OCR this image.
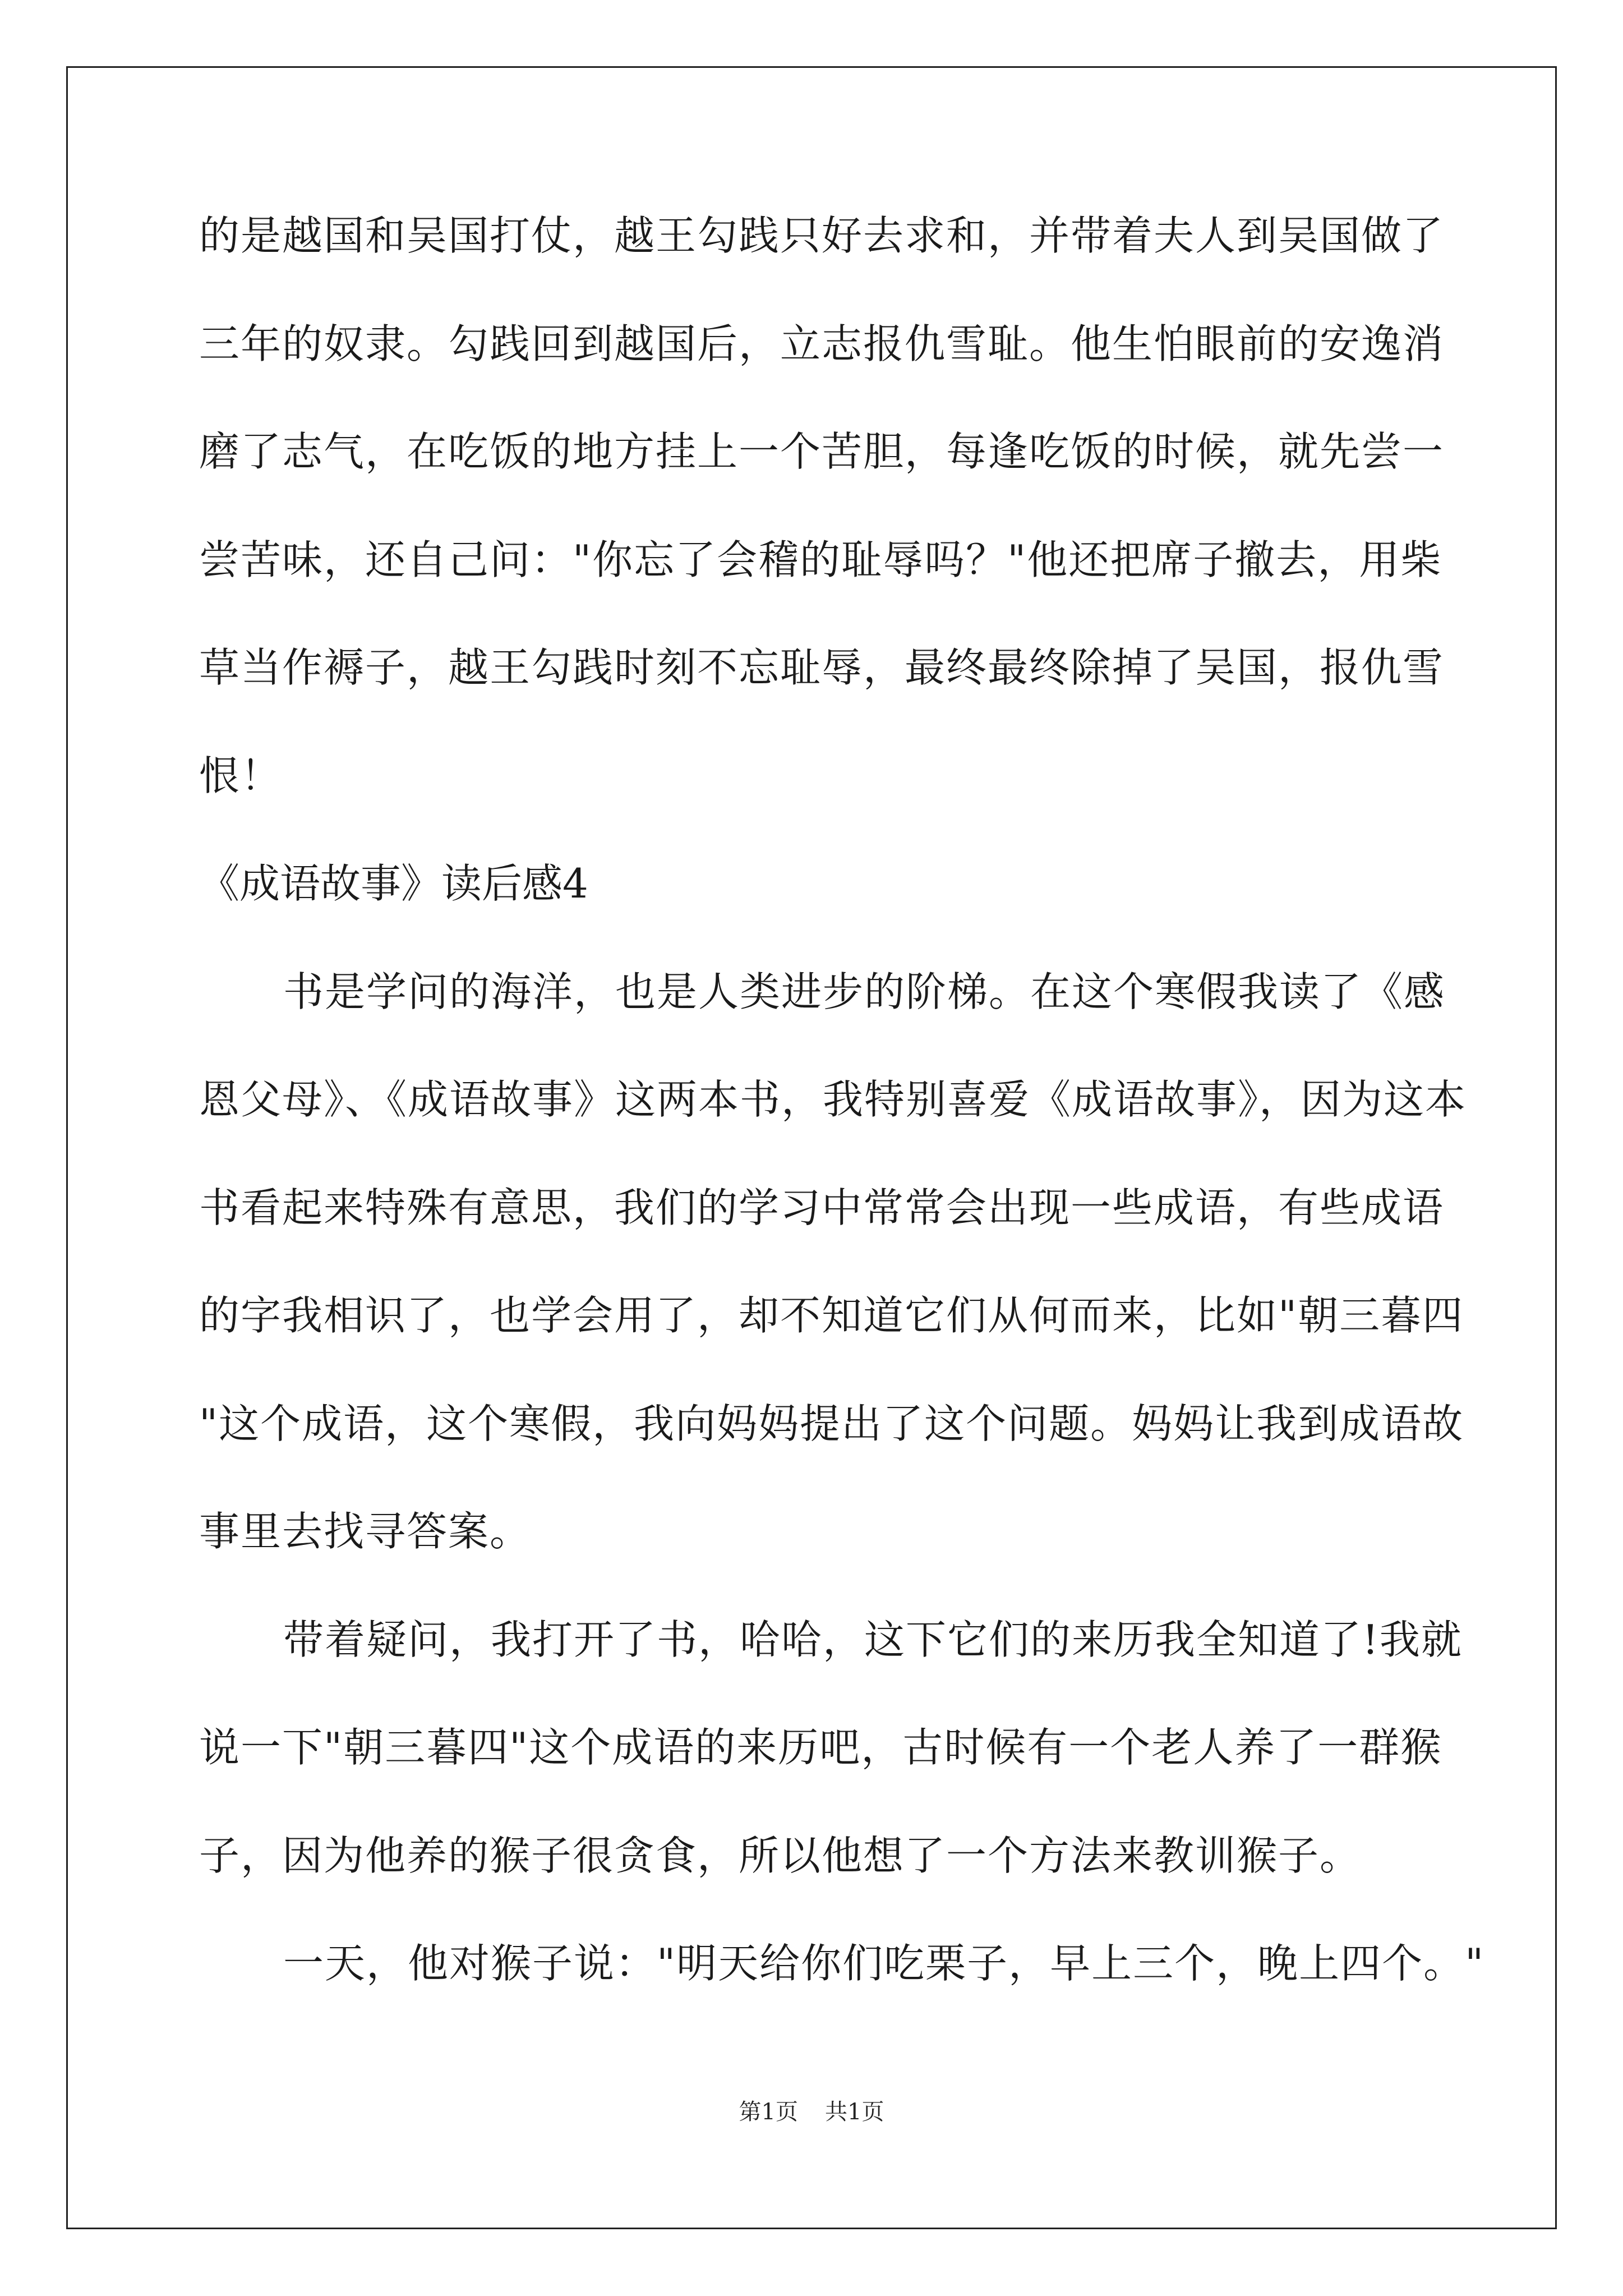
的是越国和吴国打仗，越王勾践只好去求和，并带着夫人到吴国做了
三年的奴隶。勾践回到越国后，立志报仇雪耻。他生怕眼前的安逸消
磨了志气，在吃饭的地方挂上一个苦胆，每逢吃饭的时候，就先尝一
尝苦味，还自己问："你忘了会稽的耻辱吗？"他还把席子撤去，用柴
草当作褥子，越王勾践时刻不忘耻辱，最终最终除掉了吴国，报仇雪
恨！
《成语故事》读后感4
书是学问的海洋，也是人类进步的阶梯。在这个寒假我读了《感
恩父母》、《成语故事》这两本书，我特别喜爱《成语故事》，因为这本
书看起来特殊有意思，我们的学习中常常会出现一些成语，有些成语
的字我相识了，也学会用了，却不知道它们从何而来，比如"朝三暮四
"这个成语，这个寒假，我向妈妈提出了这个问题。妈妈让我到成语故
事里去找寻答案。
带着疑问，我打开了书，哈哈，这下它们的来历我全知道了!我就
说一下"朝三暮四"这个成语的来历吧，古时候有一个老人养了一群猴
子，因为他养的猴子很贪食，所以他想了一个方法来教训猴子。
一天，他对猴子说："明天给你们吃栗子，早上三个，晚上四个。"
第1页 共1页
